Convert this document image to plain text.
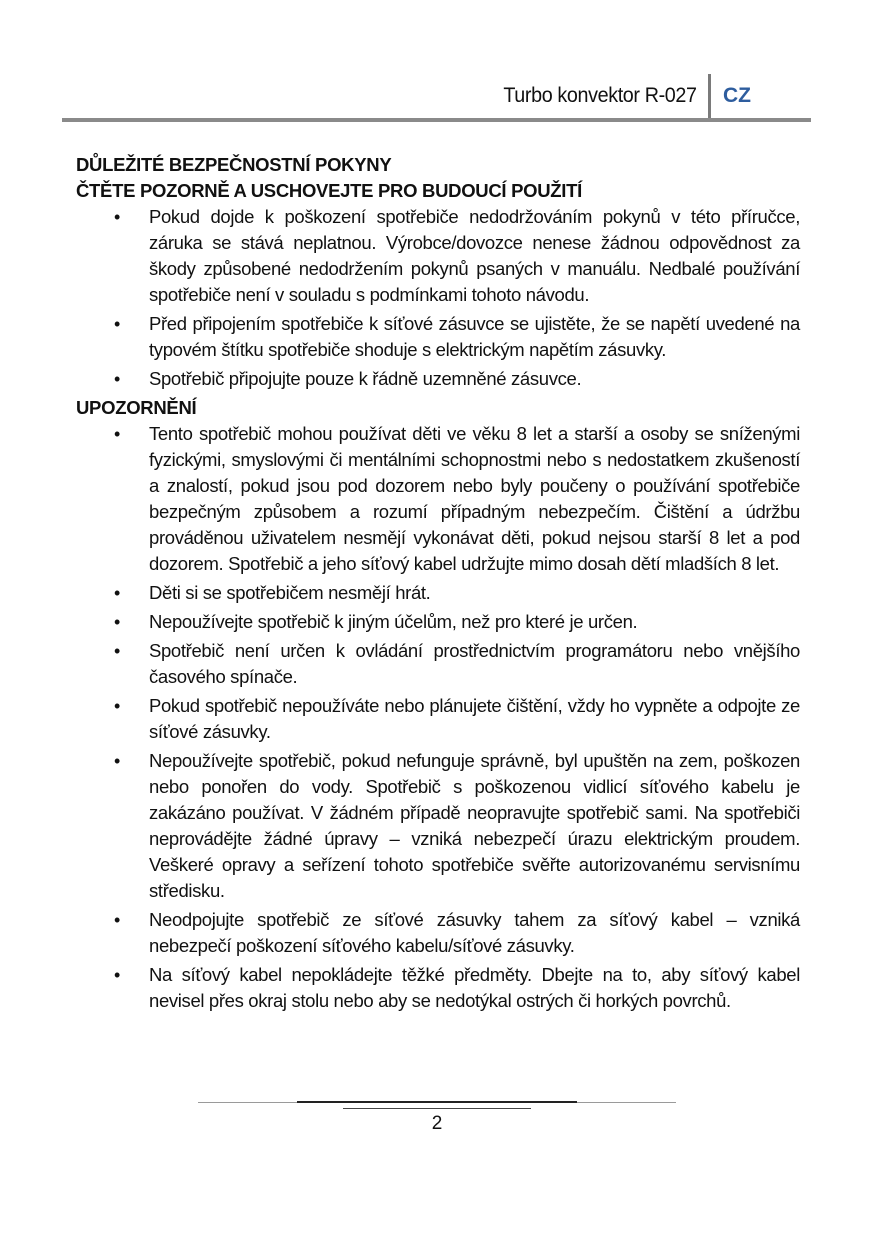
Turbo konvektor R-027 CZ

DŮLEŽITÉ BEZPEČNOSTNÍ POKYNY

ČTĚTE POZORNĚ A USCHOVEJTE PRO BUDOUCÍ POUŽITÍ

• Pokud dojde k poškození spotřebiče nedodržováním pokynů v této příručce, záruka se stává neplatnou. Výrobce/dovozce nenese žádnou odpovědnost za škody způsobené nedodržením pokynů psaných v manuálu. Nedbalé používání spotřebiče není v souladu s podmínkami tohoto návodu.
• Před připojením spotřebiče k síťové zásuvce se ujistěte, že se napětí uvedené na typovém štítku spotřebiče shoduje s elektrickým napětím zásuvky.
• Spotřebič připojujte pouze k řádně uzemněné zásuvce.

UPOZORNĚNÍ

• Tento spotřebič mohou používat děti ve věku 8 let a starší a osoby se sníženými fyzickými, smyslovými či mentálními schopnostmi nebo s nedostatkem zkušeností a znalostí, pokud jsou pod dozorem nebo byly poučeny o používání spotřebiče bezpečným způsobem a rozumí případným nebezpečím. Čištění a údržbu prováděnou uživatelem nesmějí vykonávat děti, pokud nejsou starší 8 let a pod dozorem. Spotřebič a jeho síťový kabel udržujte mimo dosah dětí mladších 8 let.
• Děti si se spotřebičem nesmějí hrát.
• Nepoužívejte spotřebič k jiným účelům, než pro které je určen.
• Spotřebič není určen k ovládání prostřednictvím programátoru nebo vnějšího časového spínače.
• Pokud spotřebič nepoužíváte nebo plánujete čištění, vždy ho vypněte a odpojte ze síťové zásuvky.
• Nepoužívejte spotřebič, pokud nefunguje správně, byl upuštěn na zem, poškozen nebo ponořen do vody. Spotřebič s poškozenou vidlicí síťového kabelu je zakázáno používat. V žádném případě neopravujte spotřebič sami. Na spotřebiči neprovádějte žádné úpravy – vzniká nebezpečí úrazu elektrickým proudem. Veškeré opravy a seřízení tohoto spotřebiče svěřte autorizovanému servisnímu středisku.
• Neodpojujte spotřebič ze síťové zásuvky tahem za síťový kabel – vzniká nebezpečí poškození síťového kabelu/síťové zásuvky.
• Na síťový kabel nepokládejte těžké předměty. Dbejte na to, aby síťový kabel nevisel přes okraj stolu nebo aby se nedotýkal ostrých či horkých povrchů.
2
